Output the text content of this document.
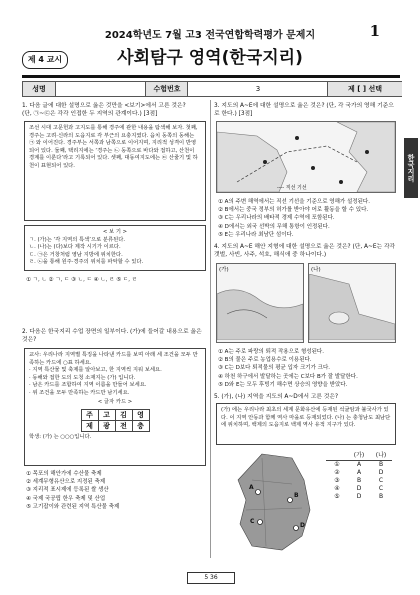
2024학년도 7월 고3 전국연합학력평가 문제지	1
제 4 교시	사회탐구 영역(한국지리)
성명	수험번호	3	제 [ ] 선택
한국지리
1. 다음 글에 대한 설명으로 옳은 것만을 <보기>에서 고른 것은?
(단, ㉠~㉢은 각각 인접한 두 지역의 관계이다.) [3점]
조선 시대 고문헌과 고지도를 통해 경주에 관한 내용을 탐색해 보자. 첫째, 경주는 고려·신라의 도읍지로 각 부근의 요충지였다. 읍치 동쪽의 동해는 ㉠ 와 이어진다. 경주부는 서쪽과 남쪽으로 이어지며, 지리적 성격이 반영되어 있다. 둘째, 택리지에는 ‘경주는 ㉡ 동쪽으로 바다와 접하고, 산천이 경계를 이룬다’라고 기록되어 있다. 셋째, 대동여지도에는 ㉢ 산줄기 및 하천이 표현되어 있다.
< 보 기 >
ㄱ. (가)는 ‘각 지역의 특색’으로 분류된다.
ㄴ. (나)는 (다)보다 제작 시기가 이르다.
ㄷ. ㉠은 거창처럼 영남 지방에 위치한다.
ㄹ. ㉡을 통해 원주·경주의 위치를 파악할 수 있다.
① ㄱ, ㄴ ② ㄱ, ㄷ ③ ㄴ, ㄷ ④ ㄴ, ㄹ ⑤ ㄷ, ㄹ
2. 다음은 한국지리 수업 장면의 일부이다. (가)에 들어갈 내용으로 옳은 것은?
교사: 우리나라 지역별 특징을 나타낸 카드를 보며 아래 세 조건을 모두 만족하는 카드에 ○표 하세요.
· 지역 특산물 및 축제를 알아보고, 한 지역씩 지워 보세요.
· 동해와 접한 도의 도청 소재지는 (가) 입니다.
· 남은 카드를 조합하여 지역 이름을 만들어 보세요.
· 위 조건을 모두 만족하는 카드만 남기세요.
< 글자 카드 >
주	고	김	영
제	광	전	충
학생: (가) 는 ○○○입니다.
① 목포의 해안가에 수산물 축제
② 세계무형유산으로 지정된 축제
③ 지리적 표시제에 등록된 쌀 생산
④ 국제 국공립 한우 축제 및 산업
⑤ 고기잡이와 관련된 지역 특산물 축제
3. 지도의 A~E에 대한 설명으로 옳은 것은? (단, 각 국가의 영해 기준으로 한다.) [3점]
---- 직선 기선
① A의 주변 해역에서는 직선 기선을 기준으로 영해가 설정된다.
② B에서는 중국 정부의 허가를 받아야 어로 활동을 할 수 있다.
③ C는 우리나라의 배타적 경제 수역에 포함된다.
④ D에서는 외국 선박의 무해 통항이 인정된다.
⑤ E는 우리나라 최남단 섬이다.
4. 지도의 A~E 해안 지형에 대한 설명으로 옳은 것은? (단, A~E는 각각 갯벌, 사빈, 사주, 석호, 해식애 중 하나이다.)
(가)	(나)
① A는 주로 파랑의 퇴적 작용으로 형성된다.
② B의 물은 주로 농업용수로 이용된다.
③ C는 D보다 퇴적물의 평균 입자 크기가 크다.
④ 하천 하구에서 발달하는 곳에는 C보다 B가 잘 발달한다.
⑤ D와 E는 모두 후빙기 해수면 상승의 영향을 받았다.
5. (가), (나) 지역을 지도의 A~D에서 고른 것은?
(가) 에는 우리나라 최초의 세계 문화유산에 등재된 석굴암과 불국사가 있다. 이 지역 안동과 함께 역사 마을로 등재되었다. (나) 는 충청남도 최남단에 위치하며, 백제의 도읍지로 백제 역사 유적 지구가 있다.
A
B
C
D
	(가)	(나)
①	A	B
②	A	D
③	B	C
④	D	C
⑤	D	B
5 36
